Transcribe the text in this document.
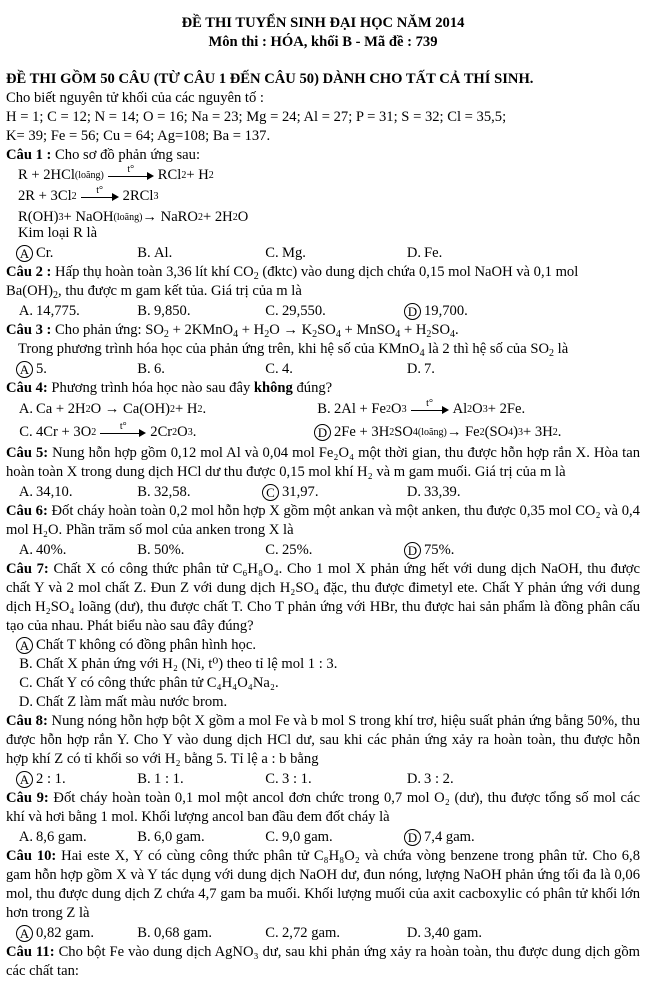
ĐỀ THI TUYỂN SINH ĐẠI HỌC NĂM 2014
Môn thi : HÓA, khối B - Mã đề : 739
ĐỀ THI GỒM 50 CÂU (TỪ CÂU 1 ĐẾN CÂU 50) DÀNH CHO TẤT CẢ THÍ SINH.
Cho biết nguyên tử khối của các nguyên tố :
H = 1; C = 12; N = 14; O = 16; Na = 23; Mg = 24; Al = 27; P = 31; S = 32; Cl = 35,5;
K= 39; Fe = 56; Cu = 64; Ag=108; Ba = 137.
Câu 1 : Cho sơ đồ phản ứng sau:
R + 2HCl (loãng)
t°	RCl 2 + H 2
2R + 3Cl 2
t°	2RCl 3
R(OH) 3 + NaOH (loãng) → NaRO 2 + 2H 2 O
Kim loại R là
A Cr.	B. Al.	C. Mg.	D. Fe.
Câu 2 : Hấp thụ hoàn toàn 3,36 lít khí $CO_2$ (đktc) vào dung dịch chứa 0,15 mol NaOH và 0,1 mol
$Ba(OH)_2$, thu được m gam kết tủa. Giá trị của m là
A. 14,775.	B. 9,850.	C. 29,550.	D 19,700.
Câu 3 : Cho phản ứng: $SO_2$ + 2KMnO$_4$ + $H_2O \to K_2SO_4$ + MnSO$_4$ + $H_2SO_4$.
Trong phương trình hóa học của phản ứng trên, khi hệ số của KMnO$_4$ là 2 thì hệ số của $SO_2$ là
A 5.	B. 6.	C. 4.	D. 7.
Câu 4: Phương trình hóa học nào sau đây không đúng?
A. Ca + 2H 2 O → Ca(OH) 2 + H 2 .	B. 2Al + Fe 2 O 3
t°	Al 2 O 3 + 2Fe.
C. 4Cr + 3O 2
t°	2Cr 2 O 3 .	D 2Fe + 3H 2 SO 4(loãng) → Fe 2 (SO 4 ) 3 + 3H 2 .
Câu 5: Nung hỗn hợp gồm 0,12 mol Al và 0,04 mol Fe₂O₄ một thời gian, thu được hỗn hợp rắn X. Hòa tan hoàn toàn X trong dung dịch HCl dư thu được 0,15 mol khí H₂ và m gam muối. Giá trị của m là
A. 34,10.	B. 32,58.	C 31,97.	D. 33,39.
Câu 6: Đốt cháy hoàn toàn 0,2 mol hỗn hợp X gồm một ankan và một anken, thu được 0,35 mol CO₂ và 0,4 mol H₂O. Phần trăm số mol của anken trong X là
A. 40%.	B. 50%.	C. 25%.	D 75%.
Câu 7: Chất X có công thức phân tử C₆H₈O₄. Cho 1 mol X phản ứng hết với dung dịch NaOH, thu được chất Y và 2 mol chất Z. Đun Z với dung dịch H₂SO₄ đặc, thu được đimetyl ete. Chất Y phản ứng với dung dịch H₂SO₄ loãng (dư), thu được chất T. Cho T phản ứng với HBr, thu được hai sản phẩm là đồng phân cấu tạo của nhau. Phát biểu nào sau đây đúng?
A Chất T không có đồng phân hình học.
B. Chất X phản ứng với H₂ (Ni, t⁰) theo tỉ lệ mol 1 : 3.
C. Chất Y có công thức phân tử C₄H₄O₄Na₂.
D. Chất Z làm mất màu nước brom.
Câu 8: Nung nóng hỗn hợp bột X gồm a mol Fe và b mol S trong khí trơ, hiệu suất phản ứng bằng 50%, thu được hỗn hợp rắn Y. Cho Y vào dung dịch HCl dư, sau khi các phản ứng xảy ra hoàn toàn, thu được hỗn hợp khí Z có tỉ khối so với H₂ bằng 5. Tỉ lệ a : b bằng
A 2 : 1.	B. 1 : 1.	C. 3 : 1.	D. 3 : 2.
Câu 9: Đốt cháy hoàn toàn 0,1 mol một ancol đơn chức trong 0,7 mol O₂ (dư), thu được tổng số mol các khí và hơi bằng 1 mol. Khối lượng ancol ban đầu đem đốt cháy là
A. 8,6 gam.	B. 6,0 gam.	C. 9,0 gam.	D 7,4 gam.
Câu 10: Hai este X, Y có cùng công thức phân tử C₈H₈O₂ và chứa vòng benzene trong phân tử. Cho 6,8 gam hỗn hợp gồm X và Y tác dụng với dung dịch NaOH dư, đun nóng, lượng NaOH phản ứng tối đa là 0,06 mol, thu được dung dịch Z chứa 4,7 gam ba muối. Khối lượng muối của axit cacboxylic có phân tử khối lớn hơn trong Z là
A 0,82 gam.	B. 0,68 gam.	C. 2,72 gam.	D. 3,40 gam.
Câu 11: Cho bột Fe vào dung dịch AgNO₃ dư, sau khi phản ứng xảy ra hoàn toàn, thu được dung dịch gồm các chất tan:
